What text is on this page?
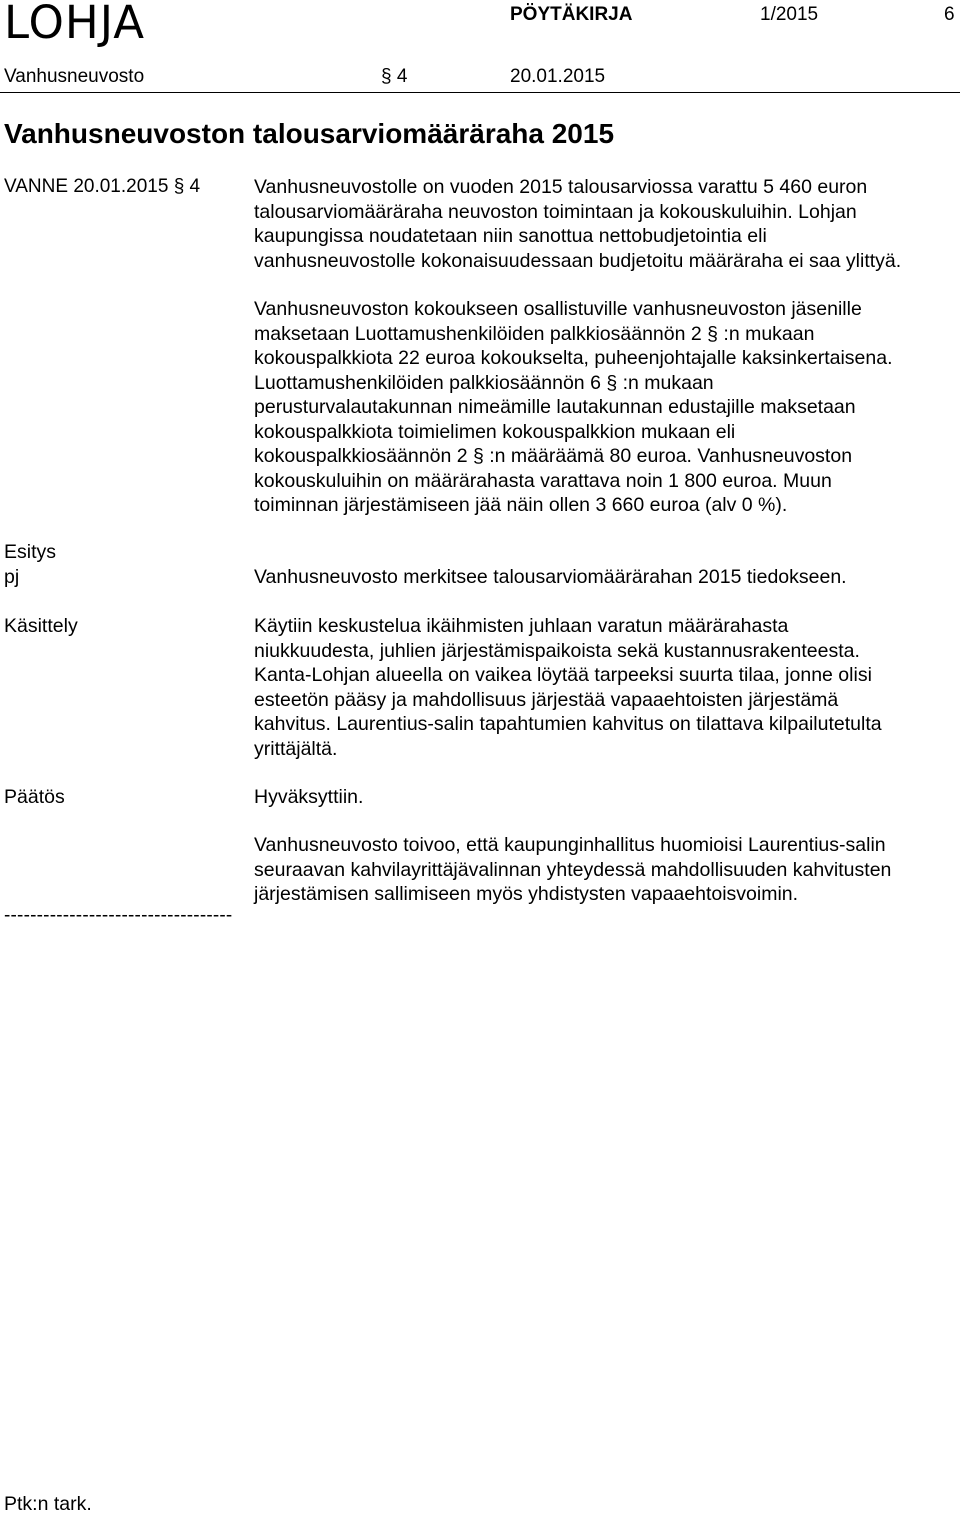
LOHJA	PÖYTÄKIRJA	1/2015	6
Vanhusneuvosto	§ 4	20.01.2015
Vanhusneuvoston talousarviomääräraha 2015
VANNE 20.01.2015 § 4	Vanhusneuvostolle on vuoden 2015 talousarviossa varattu 5 460 euron
talousarviomääräraha neuvoston toimintaan ja kokouskuluihin. Lohjan
kaupungissa noudatetaan niin sanottua nettobudjetointia eli
vanhusneuvostolle kokonaisuudessaan budjetoitu määräraha ei saa ylittyä.
Vanhusneuvoston kokoukseen osallistuville vanhusneuvoston jäsenille
maksetaan Luottamushenkilöiden palkkiosäännön 2 § :n mukaan
kokouspalkkiota 22 euroa kokoukselta, puheenjohtajalle kaksinkertaisena.
Luottamushenkilöiden palkkiosäännön 6 § :n mukaan
perusturvalautakunnan nimeämille lautakunnan edustajille maksetaan
kokouspalkkiota toimielimen kokouspalkkion mukaan eli
kokouspalkkiosäännön 2 § :n määräämä 80 euroa. Vanhusneuvoston
kokouskuluihin on määrärahasta varattava noin 1 800 euroa. Muun
toiminnan järjestämiseen jää näin ollen 3 660 euroa (alv 0 %).
Esitys
pj	Vanhusneuvosto merkitsee talousarviomäärärahan 2015 tiedokseen.
Käsittely	Käytiin keskustelua ikäihmisten juhlaan varatun määrärahasta
niukkuudesta, juhlien järjestämispaikoista sekä kustannusrakenteesta.
Kanta-Lohjan alueella on vaikea löytää tarpeeksi suurta tilaa, jonne olisi
esteetön pääsy ja mahdollisuus järjestää vapaaehtoisten järjestämä
kahvitus. Laurentius-salin tapahtumien kahvitus on tilattava kilpailutetulta
yrittäjältä.
Päätös	Hyväksyttiin.
Vanhusneuvosto toivoo, että kaupunginhallitus huomioisi Laurentius-salin
seuraavan kahvilayrittäjävalinnan yhteydessä mahdollisuuden kahvitusten
järjestämisen sallimiseen myös yhdistysten vapaaehtoisvoimin.
-----------------------------------
Ptk:n tark.
